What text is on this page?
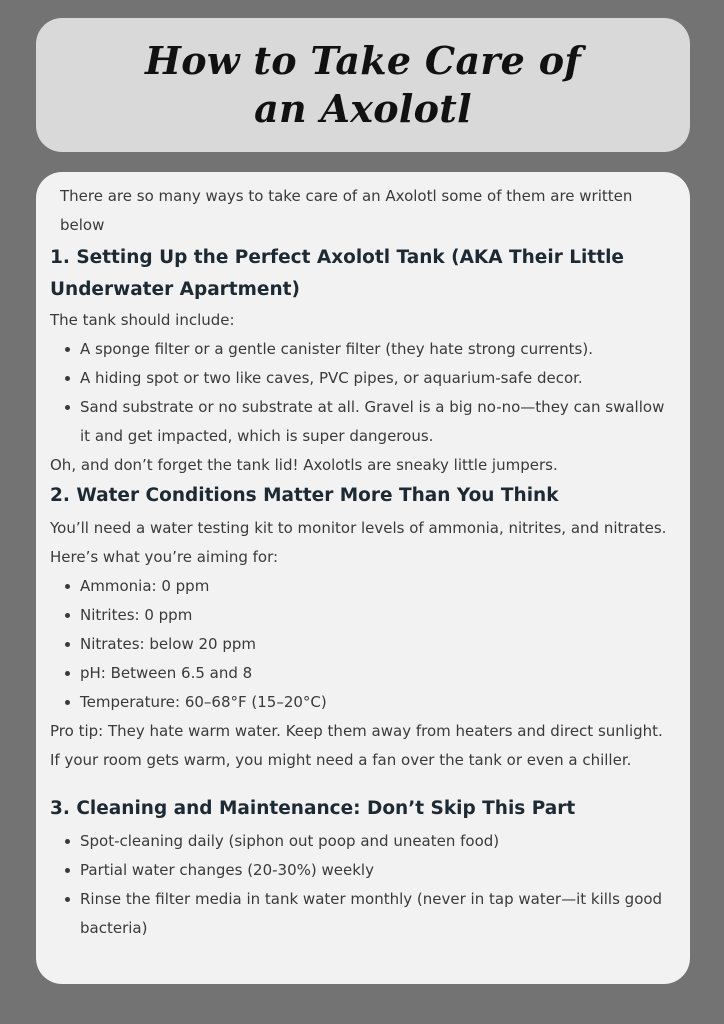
How to Take Care of
an Axolotl

There are so many ways to take care of an Axolotl some of them are written below

1. Setting Up the Perfect Axolotl Tank (AKA Their Little Underwater Apartment)

The tank should include:

A sponge filter or a gentle canister filter (they hate strong currents).
A hiding spot or two like caves, PVC pipes, or aquarium-safe decor.
Sand substrate or no substrate at all. Gravel is a big no-no—they can swallow it and get impacted, which is super dangerous.

Oh, and don’t forget the tank lid! Axolotls are sneaky little jumpers.

2. Water Conditions Matter More Than You Think

You’ll need a water testing kit to monitor levels of ammonia, nitrites, and nitrates. Here’s what you’re aiming for:

Ammonia: 0 ppm
Nitrites: 0 ppm
Nitrates: below 20 ppm
pH: Between 6.5 and 8
Temperature: 60–68°F (15–20°C)

Pro tip: They hate warm water. Keep them away from heaters and direct sunlight. If your room gets warm, you might need a fan over the tank or even a chiller.

3. Cleaning and Maintenance: Don’t Skip This Part
Spot-cleaning daily (siphon out poop and uneaten food)
Partial water changes (20-30%) weekly
Rinse the filter media in tank water monthly (never in tap water—it kills good bacteria)
